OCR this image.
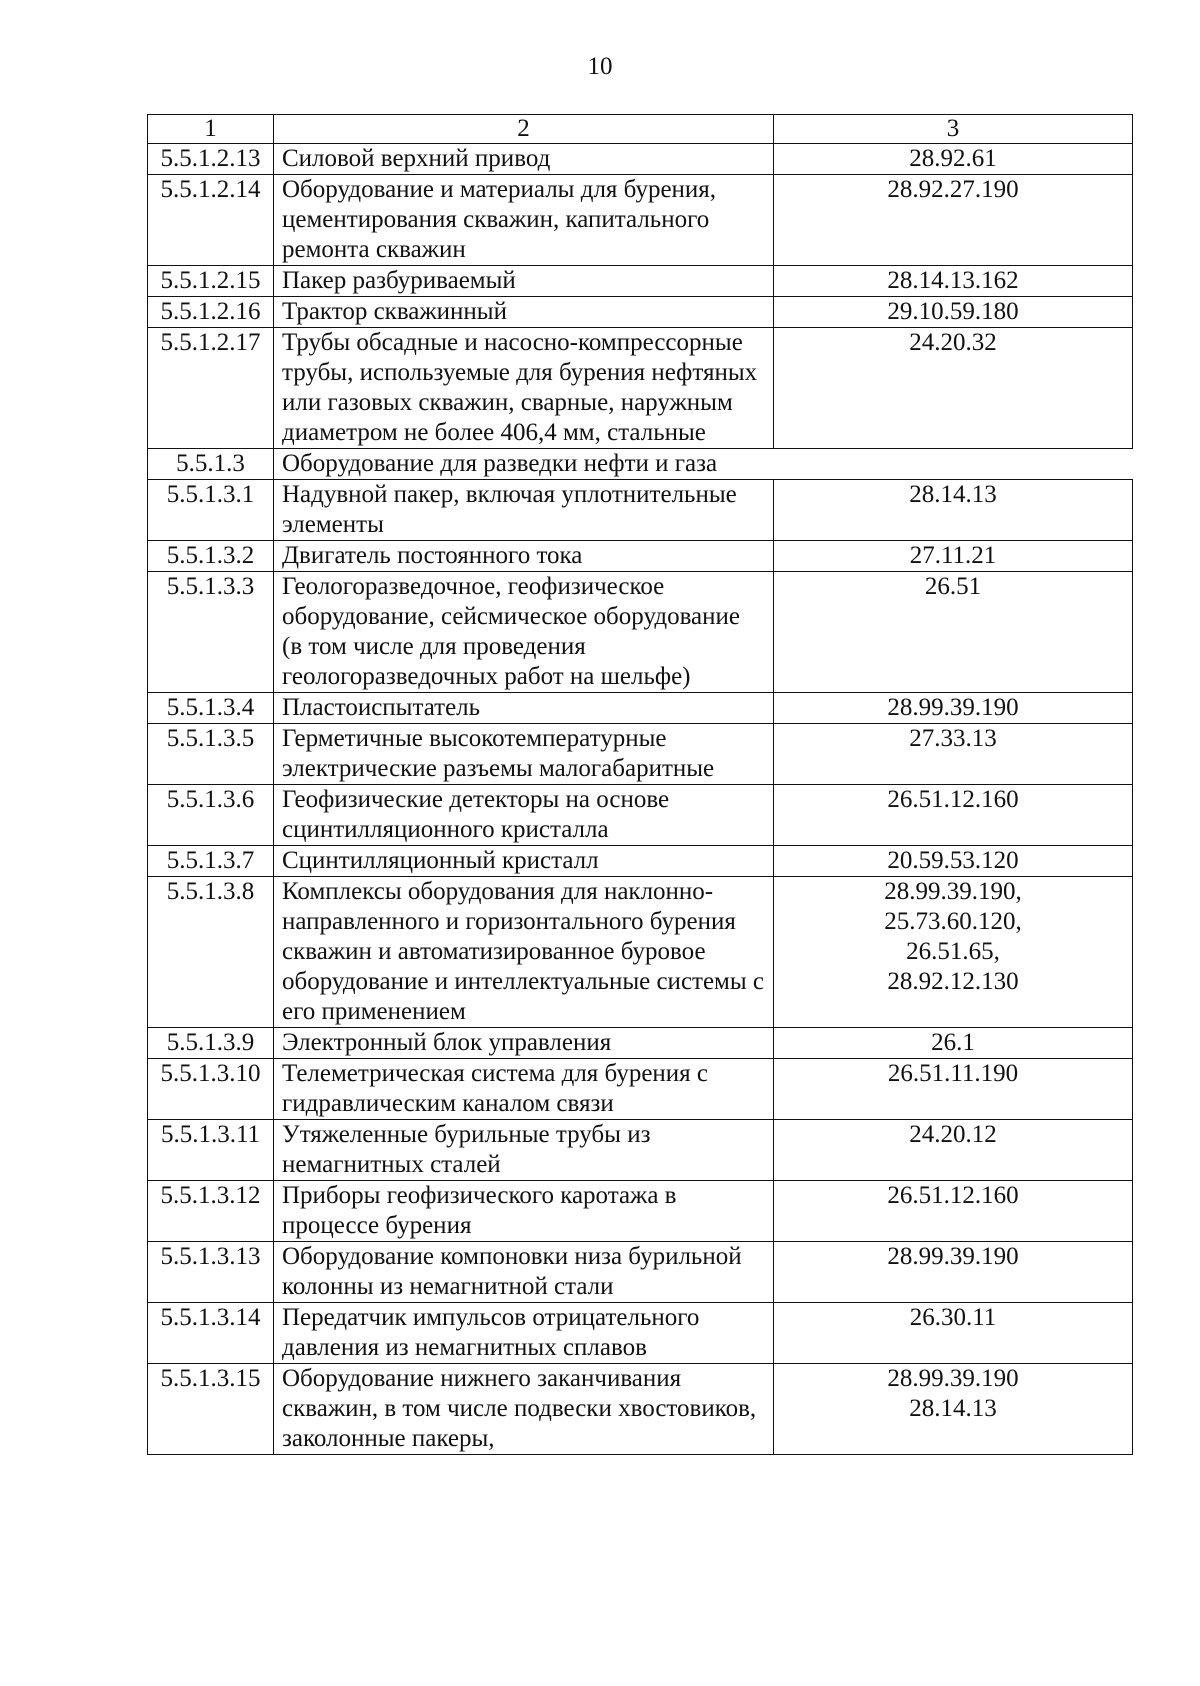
10
1	2	3
5.5.1.2.13	Силовой верхний привод	28.92.61

5.5.1.2.14	Оборудование и материалы для бурения, цементирования скважин, капитального ремонта скважин	28.92.27.190

5.5.1.2.15	Пакер разбуриваемый	28.14.13.162

5.5.1.2.16	Трактор скважинный	29.10.59.180

5.5.1.2.17	Трубы обсадные и насосно-компрессорные трубы, используемые для бурения нефтяных или газовых скважин, сварные, наружным диаметром не более 406,4 мм, стальные	24.20.32

5.5.1.3	Оборудование для разведки нефти и газа	
5.5.1.3.1	Надувной пакер, включая уплотнительные элементы	28.14.13

5.5.1.3.2	Двигатель постоянного тока	27.11.21

5.5.1.3.3	Геологоразведочное, геофизическое оборудование, сейсмическое оборудование (в том числе для проведения геологоразведочных работ на шельфе)	26.51

5.5.1.3.4	Пластоиспытатель	28.99.39.190

5.5.1.3.5	Герметичные высокотемпературные электрические разъемы малогабаритные	27.33.13

5.5.1.3.6	Геофизические детекторы на основе сцинтилляционного кристалла	26.51.12.160

5.5.1.3.7	Сцинтилляционный кристалл	20.59.53.120

5.5.1.3.8	Комплексы оборудования для наклонно-направленного и горизонтального бурения скважин и автоматизированное буровое оборудование и интеллектуальные системы с его применением	28.99.39.190,
25.73.60.120,
26.51.65,
28.92.12.130

5.5.1.3.9	Электронный блок управления	26.1

5.5.1.3.10	Телеметрическая система для бурения с гидравлическим каналом связи	26.51.11.190

5.5.1.3.11	Утяжеленные бурильные трубы из немагнитных сталей	24.20.12

5.5.1.3.12	Приборы геофизического каротажа в процессе бурения	26.51.12.160

5.5.1.3.13	Оборудование компоновки низа бурильной колонны из немагнитной стали	28.99.39.190

5.5.1.3.14	Передатчик импульсов отрицательного давления из немагнитных сплавов	26.30.11

5.5.1.3.15	Оборудование нижнего заканчивания скважин, в том числе подвески хвостовиков, заколонные пакеры,	28.99.39.190
28.14.13
